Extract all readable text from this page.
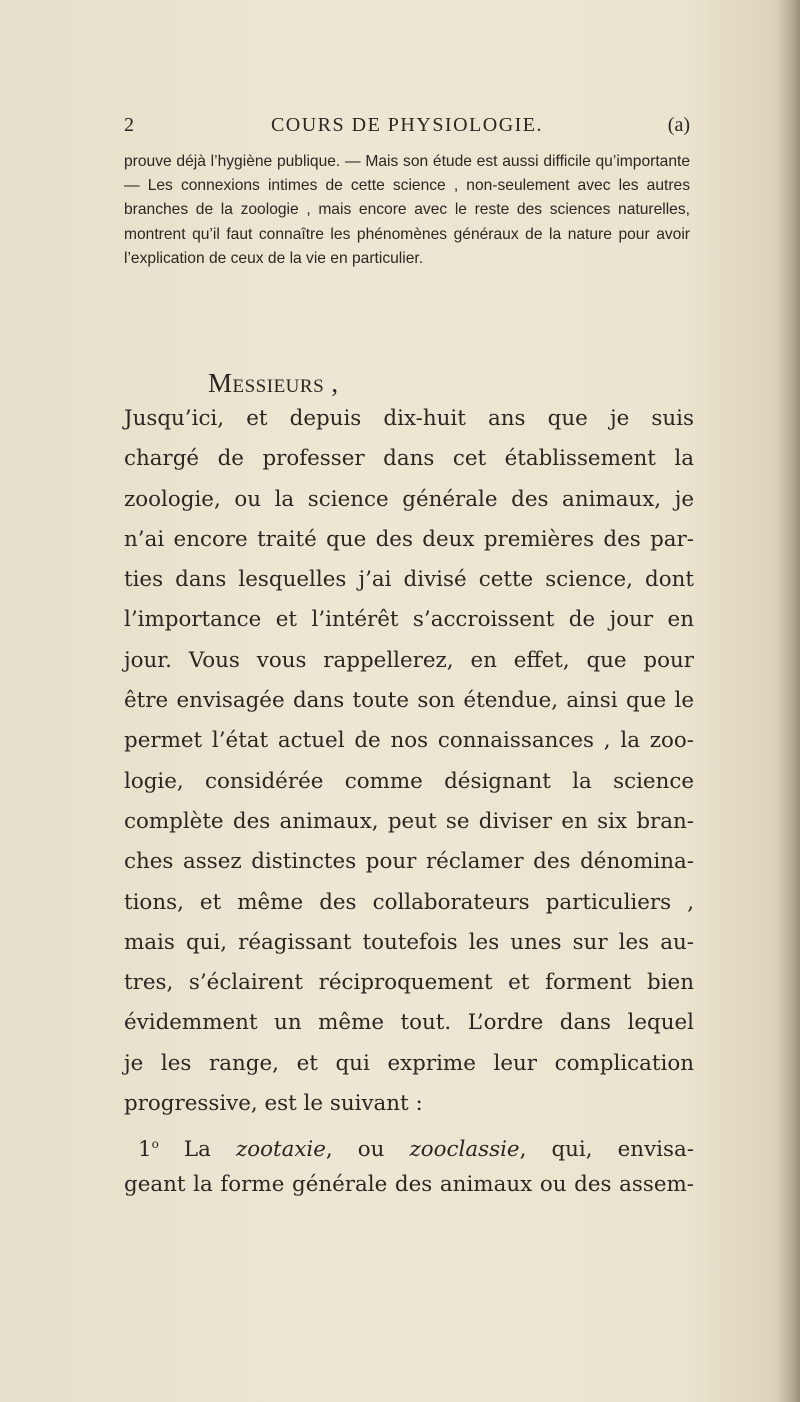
2	COURS DE PHYSIOLOGIE.	(a)
prouve déjà l’hygiène publique. — Mais son étude est aussi difficile qu’importante — Les connexions intimes de cette science , non-seulement avec les autres branches de la zoologie , mais encore avec le reste des sciences naturelles, montrent qu’il faut connaître les phénomènes généraux de la nature pour avoir l’explication de ceux de la vie en particulier.
Messieurs ,
Jusqu’ici, et depuis dix-huit ans que je suis
chargé de professer dans cet établissement la
zoologie, ou la science générale des animaux, je
n’ai encore traité que des deux premières des par-
ties dans lesquelles j’ai divisé cette science, dont
l’importance et l’intérêt s’accroissent de jour en
jour. Vous vous rappellerez, en effet, que pour
être envisagée dans toute son étendue, ainsi que le
permet l’état actuel de nos connaissances , la zoo-
logie, considérée comme désignant la science
complète des animaux, peut se diviser en six bran-
ches assez distinctes pour réclamer des dénomina-
tions, et même des collaborateurs particuliers ,
mais qui, réagissant toutefois les unes sur les au-
tres, s’éclairent réciproquement et forment bien
évidemment un même tout. L’ordre dans lequel
je les range, et qui exprime leur complication
progressive, est le suivant :
1$^o$ La zootaxie, ou zooclassie, qui, envisa-
geant la forme générale des animaux ou des assem-
